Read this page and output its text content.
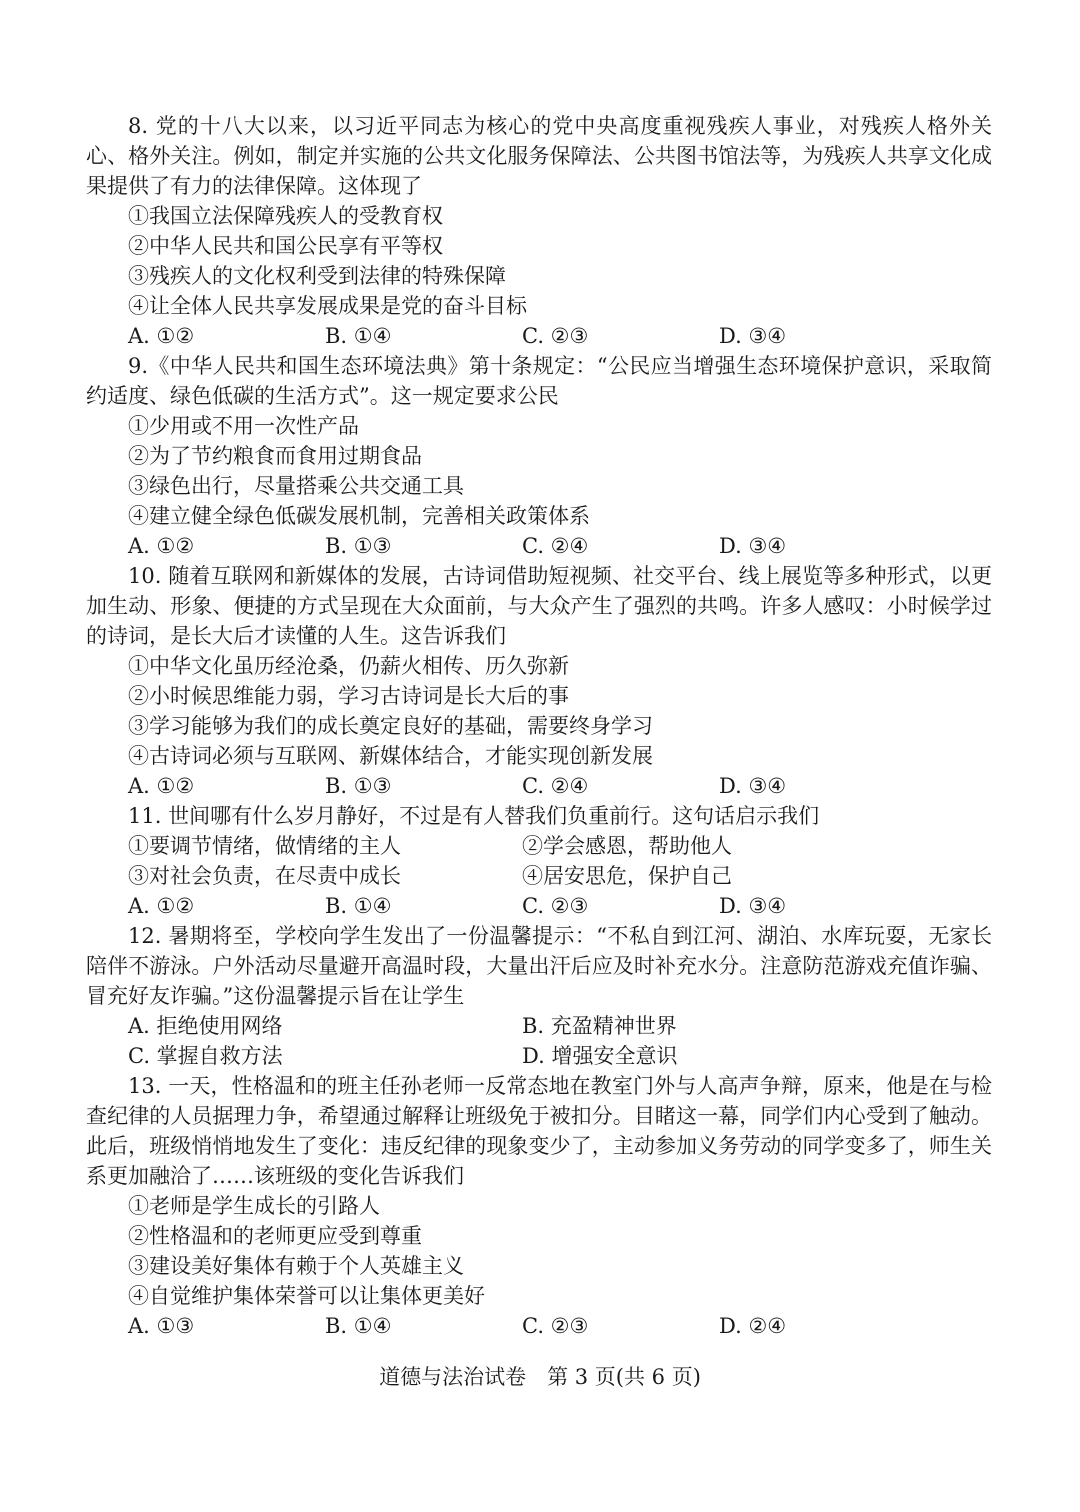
8. 党的十八大以来，以习近平同志为核心的党中央高度重视残疾人事业，对残疾人格外关心、格外关注。例如，制定并实施的公共文化服务保障法、公共图书馆法等，为残疾人共享文化成果提供了有力的法律保障。这体现了

①我国立法保障残疾人的受教育权

②中华人民共和国公民享有平等权

③残疾人的文化权利受到法律的特殊保障

④让全体人民共享发展成果是党的奋斗目标

A. ①②	B. ①④	C. ②③	D. ③④

9.《中华人民共和国生态环境法典》第十条规定：“公民应当增强生态环境保护意识，采取简约适度、绿色低碳的生活方式”。这一规定要求公民

①少用或不用一次性产品

②为了节约粮食而食用过期食品

③绿色出行，尽量搭乘公共交通工具

④建立健全绿色低碳发展机制，完善相关政策体系

A. ①②	B. ①③	C. ②④	D. ③④

10. 随着互联网和新媒体的发展，古诗词借助短视频、社交平台、线上展览等多种形式，以更加生动、形象、便捷的方式呈现在大众面前，与大众产生了强烈的共鸣。许多人感叹：小时候学过的诗词，是长大后才读懂的人生。这告诉我们

①中华文化虽历经沧桑，仍薪火相传、历久弥新

②小时候思维能力弱，学习古诗词是长大后的事

③学习能够为我们的成长奠定良好的基础，需要终身学习

④古诗词必须与互联网、新媒体结合，才能实现创新发展

A. ①②	B. ①③	C. ②④	D. ③④

11. 世间哪有什么岁月静好，不过是有人替我们负重前行。这句话启示我们

①要调节情绪，做情绪的主人	②学会感恩，帮助他人
③对社会负责，在尽责中成长	④居安思危，保护自己
A. ①②	B. ①④	C. ②③	D. ③④

12. 暑期将至，学校向学生发出了一份温馨提示：“不私自到江河、湖泊、水库玩耍，无家长陪伴不游泳。户外活动尽量避开高温时段，大量出汗后应及时补充水分。注意防范游戏充值诈骗、冒充好友诈骗。”这份温馨提示旨在让学生

A. 拒绝使用网络	B. 充盈精神世界
C. 掌握自救方法	D. 增强安全意识

13. 一天，性格温和的班主任孙老师一反常态地在教室门外与人高声争辩，原来，他是在与检查纪律的人员据理力争，希望通过解释让班级免于被扣分。目睹这一幕，同学们内心受到了触动。此后，班级悄悄地发生了变化：违反纪律的现象变少了，主动参加义务劳动的同学变多了，师生关系更加融洽了……该班级的变化告诉我们

①老师是学生成长的引路人

②性格温和的老师更应受到尊重

③建设美好集体有赖于个人英雄主义

④自觉维护集体荣誉可以让集体更美好

A. ①③	B. ①④	C. ②③	D. ②④
道德与法治试卷　第 3 页(共 6 页)
